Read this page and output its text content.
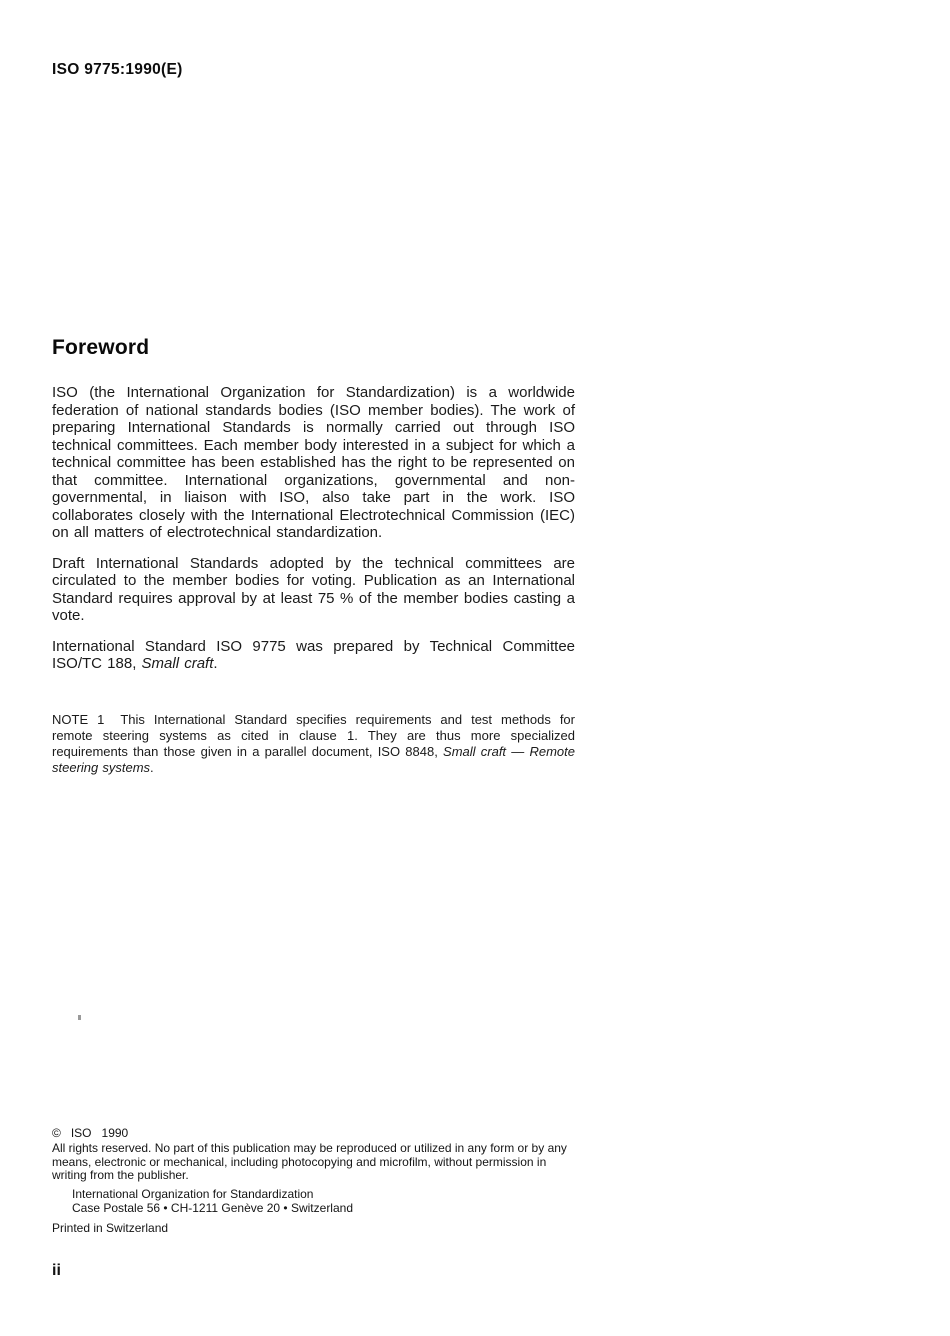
ISO 9775:1990(E)
Foreword

ISO (the International Organization for Standardization) is a worldwide federation of national standards bodies (ISO member bodies). The work of preparing International Standards is normally carried out through ISO technical committees. Each member body interested in a subject for which a technical committee has been established has the right to be represented on that committee. International organizations, governmental and non-governmental, in liaison with ISO, also take part in the work. ISO collaborates closely with the International Electrotechnical Commission (IEC) on all matters of electrotechnical standardization.

Draft International Standards adopted by the technical committees are circulated to the member bodies for voting. Publication as an International Standard requires approval by at least 75 % of the member bodies casting a vote.

International Standard ISO 9775 was prepared by Technical Committee ISO/TC 188, Small craft.

NOTE 1 This International Standard specifies requirements and test methods for remote steering systems as cited in clause 1. They are thus more specialized requirements than those given in a parallel document, ISO 8848, Small craft — Remote steering systems.

©   ISO   1990

All rights reserved. No part of this publication may be reproduced or utilized in any form or by any means, electronic or mechanical, including photocopying and microfilm, without permission in writing from the publisher.

International Organization for Standardization
Case Postale 56 • CH-1211 Genève 20 • Switzerland
Printed in Switzerland
ii
